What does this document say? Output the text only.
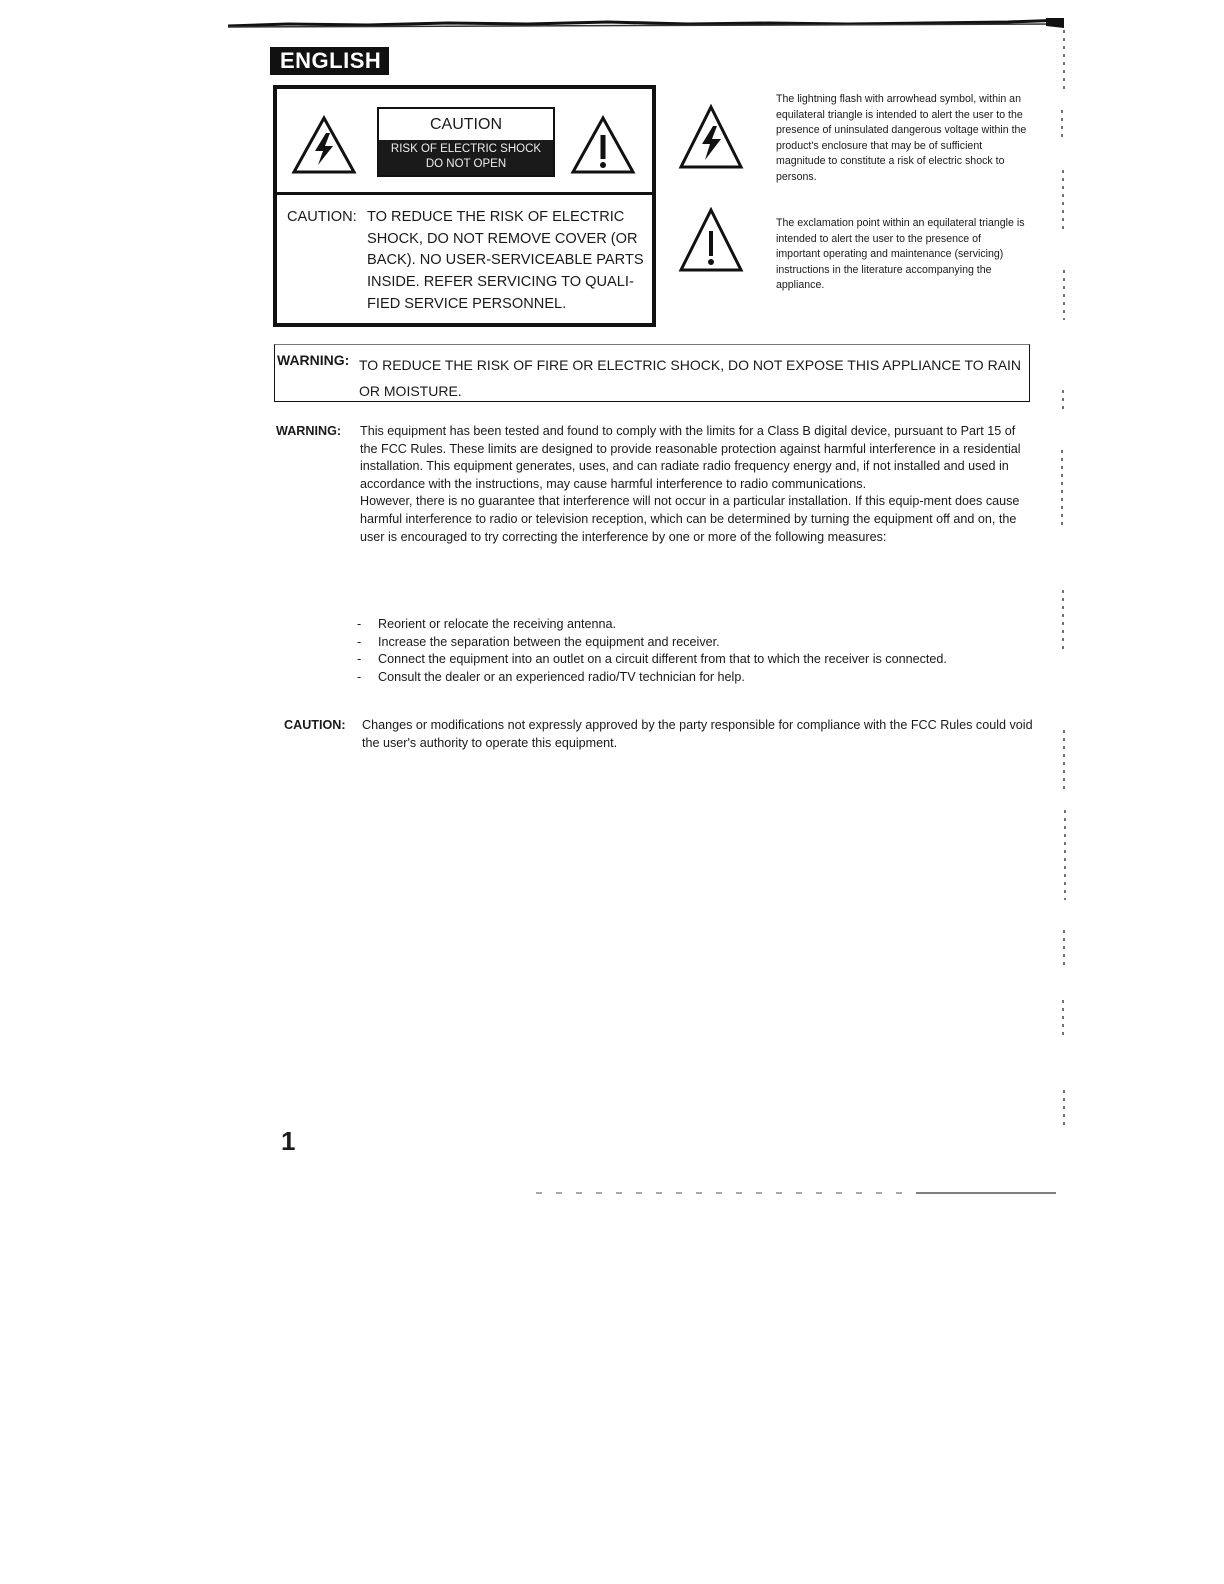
ENGLISH
CAUTION
RISK OF ELECTRIC SHOCK
DO NOT OPEN
CAUTION: TO REDUCE THE RISK OF ELECTRIC SHOCK, DO NOT REMOVE COVER (OR BACK). NO USER-SERVICEABLE PARTS INSIDE. REFER SERVICING TO QUALI-FIED SERVICE PERSONNEL.
The lightning flash with arrowhead symbol, within an equilateral triangle is intended to alert the user to the presence of uninsulated dangerous voltage within the product's enclosure that may be of sufficient magnitude to constitute a risk of electric shock to persons.
The exclamation point within an equilateral triangle is intended to alert the user to the presence of important operating and maintenance (servicing) instructions in the literature accompanying the appliance.
WARNING: TO REDUCE THE RISK OF FIRE OR ELECTRIC SHOCK, DO NOT EXPOSE THIS APPLIANCE TO RAIN OR MOISTURE.
WARNING: This equipment has been tested and found to comply with the limits for a Class B digital device, pursuant to Part 15 of the FCC Rules. These limits are designed to provide reasonable protection against harmful interference in a residential installation. This equipment generates, uses, and can radiate radio frequency energy and, if not installed and used in accordance with the instructions, may cause harmful interference to radio communications.
However, there is no guarantee that interference will not occur in a particular installation. If this equip-ment does cause harmful interference to radio or television reception, which can be determined by turning the equipment off and on, the user is encouraged to try correcting the interference by one or more of the following measures:
- Reorient or relocate the receiving antenna.
- Increase the separation between the equipment and receiver.
- Connect the equipment into an outlet on a circuit different from that to which the receiver is connected.
- Consult the dealer or an experienced radio/TV technician for help.
CAUTION: Changes or modifications not expressly approved by the party responsible for compliance with the FCC Rules could void the user's authority to operate this equipment.
1
